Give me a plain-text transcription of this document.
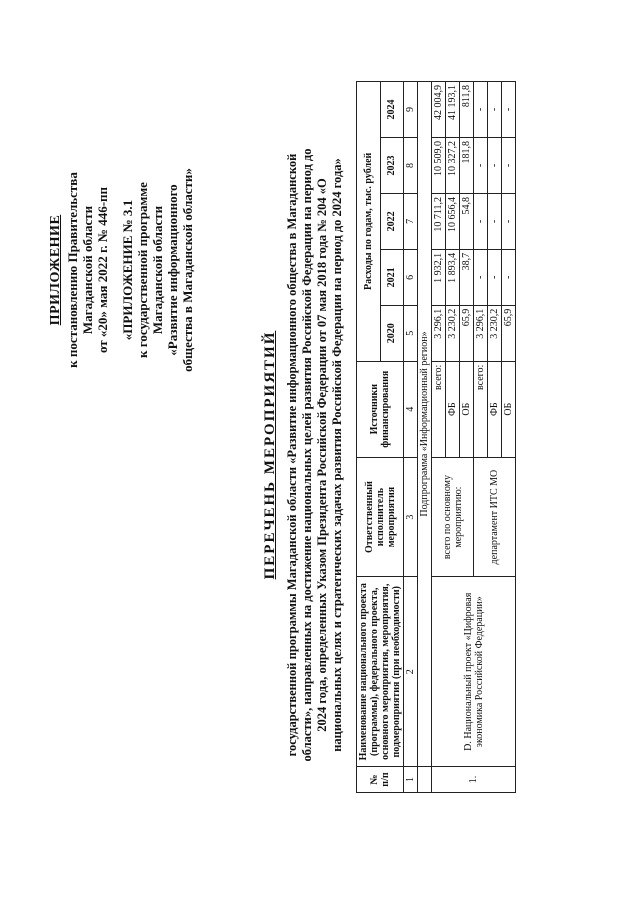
ПРИЛОЖЕНИЕ к постановлению Правительства Магаданской области от «20» мая 2022 г. № 446-пп «ПРИЛОЖЕНИЕ № 3.1 к государственной программе Магаданской области «Развитие информационного общества в Магаданской области»
ПЕРЕЧЕНЬ МЕРОПРИЯТИЙ государственной программы Магаданской области «Развитие информационного общества в Магаданской области», направленных на достижение национальных целей развития Российской Федерации на период до 2024 года, определенных Указом Президента Российской Федерации от 07 мая 2018 года № 204 «О национальных целях и стратегических задачах развития Российской Федерации на период до 2024 года»
№ п/п	Наименование национального проекта (программы), федерального проекта, основного мероприятия, мероприятия, подмероприятия (при необходимости)	Ответственный исполнитель мероприятия	Источники финансирования	Расходы по годам, тыс. рублей				
				2020	2021	2022	2023	2024
1	2	3	4	5	6	7	8	9
	Подпрограмма «Информационный регион»							
1.	D. Национальный проект «Цифровая экономика Российской Федерации»	всего по основному мероприятию:	всего:	3 296,1	1 932,1	10 711,2	10 509,0	42 004,9
			ФБ	3 230,2	1 893,4	10 656,4	10 327,2	41 193,1
			ОБ	65,9	38,7	54,8	181,8	811,8
		департамент ИТС МО	всего:	3 296,1	-	-	-	-
			ФБ	3 230,2	-	-	-	-
			ОБ	65,9	-	-	-	-
